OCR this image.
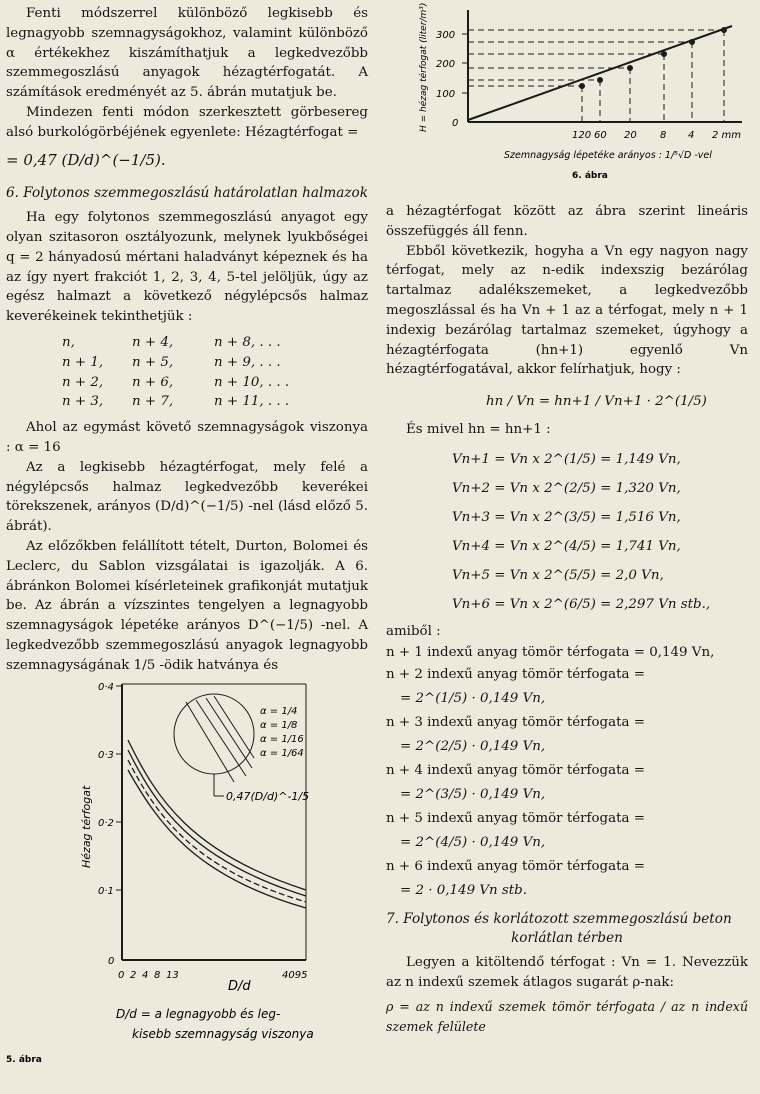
Fenti módszerrel különböző legkisebb és legnagyobb szemnagyságokhoz, valamint különböző α értékekhez kiszámíthatjuk a legkedvezőbb szemmegoszlású anyagok hézagtérfogatát. A számítások eredményét az 5. ábrán mutatjuk be.

Mindezen fenti módon szerkesztett görbesereg alsó burkológörbéjének egyenlete: Hézagtérfogat =

= 0,47 (D/d)^(−1/5).

6. Folytonos szemmegoszlású határolatlan halmazok

Ha egy folytonos szemmegoszlású anyagot egy olyan szitasoron osztályozunk, melynek lyukbőségei q = 2 hányadosú mértani haladványt képeznek és ha az így nyert frakciót 1, 2, 3, 4, 5-tel jelöljük, úgy az egész halmazt a következő négylépcsős halmaz keverékeinek tekinthetjük :

n,	n + 4,	n + 8, . . .
n + 1,	n + 5,	n + 9, . . .
n + 2,	n + 6,	n + 10, . . .
n + 3,	n + 7,	n + 11, . . .

Ahol az egymást követő szemnagyságok viszonya : α = 16

Az a legkisebb hézagtérfogat, mely felé a négylépcsős halmaz legkedvezőbb keverékei törekszenek, arányos (D/d)^(−1/5) -nel (lásd előző 5. ábrát).

Az előzőkben felállított tételt, Durton, Bolomei és Leclerc, du Sablon vizsgálatai is igazolják. A 6. ábránkon Bolomei kísérleteinek grafikonját mutatjuk be. Az ábrán a vízszintes tengelyen a legnagyobb szemnagyságok lépetéke arányos D^(−1/5) -nel. A legkedvezőbb szemmegoszlású anyagok legnagyobb szemnagyságának 1/5 -ödik hatványa és

Hézag térfogat
0·4
0·3
0·2
0·1
0
0 2 4 8 13	4095
D/d
α = 1/4
α = 1/8
α = 1/16
α = 1/64
0,47(D/d)^-1/5
D/d = a legnagyobb és leg-
kisebb szemnagyság viszonya
5. ábra
H = hézag térfogat (liter/m³) 300
200
100
0
120 60 20 8 4 2 mm
Szemnagyság lépetéke arányos : 1/⁵√D -vel
6. ábra

a hézagtérfogat között az ábra szerint lineáris összefüggés áll fenn.

Ebből következik, hogyha a Vn egy nagyon nagy térfogat, mely az n-edik indexszig bezárólag tartalmaz adalékszemeket, a legkedvezőbb megoszlással és ha Vn + 1 az a térfogat, mely n + 1 indexig bezárólag tartalmaz szemeket, úgyhogy a hézagtérfogata (hn+1) egyenlő Vn hézagtérfogatával, akkor felírhatjuk, hogy :

hn / Vn = hn+1 / Vn+1 · 2^(1/5)

És mivel hn = hn+1 :

Vn+1 = Vn x 2^(1/5) = 1,149 Vn,
Vn+2 = Vn x 2^(2/5) = 1,320 Vn,
Vn+3 = Vn x 2^(3/5) = 1,516 Vn,
Vn+4 = Vn x 2^(4/5) = 1,741 Vn,
Vn+5 = Vn x 2^(5/5) = 2,0 Vn,
Vn+6 = Vn x 2^(6/5) = 2,297 Vn stb.,

amiből :

n + 1 indexű anyag tömör térfogata = 0,149 Vn,
n + 2 indexű anyag tömör térfogata =
= 2^(1/5) · 0,149 Vn,
n + 3 indexű anyag tömör térfogata =
= 2^(2/5) · 0,149 Vn,
n + 4 indexű anyag tömör térfogata =
= 2^(3/5) · 0,149 Vn,
n + 5 indexű anyag tömör térfogata =
= 2^(4/5) · 0,149 Vn,
n + 6 indexű anyag tömör térfogata =
= 2 · 0,149 Vn stb.
7. Folytonos és korlátozott szemmegoszlású beton
korlátlan térben

Legyen a kitöltendő térfogat : Vn = 1. Nevezzük az n indexű szemek átlagos sugarát ρ-nak:

ρ = az n indexű szemek tömör térfogata / az n indexű szemek felülete
